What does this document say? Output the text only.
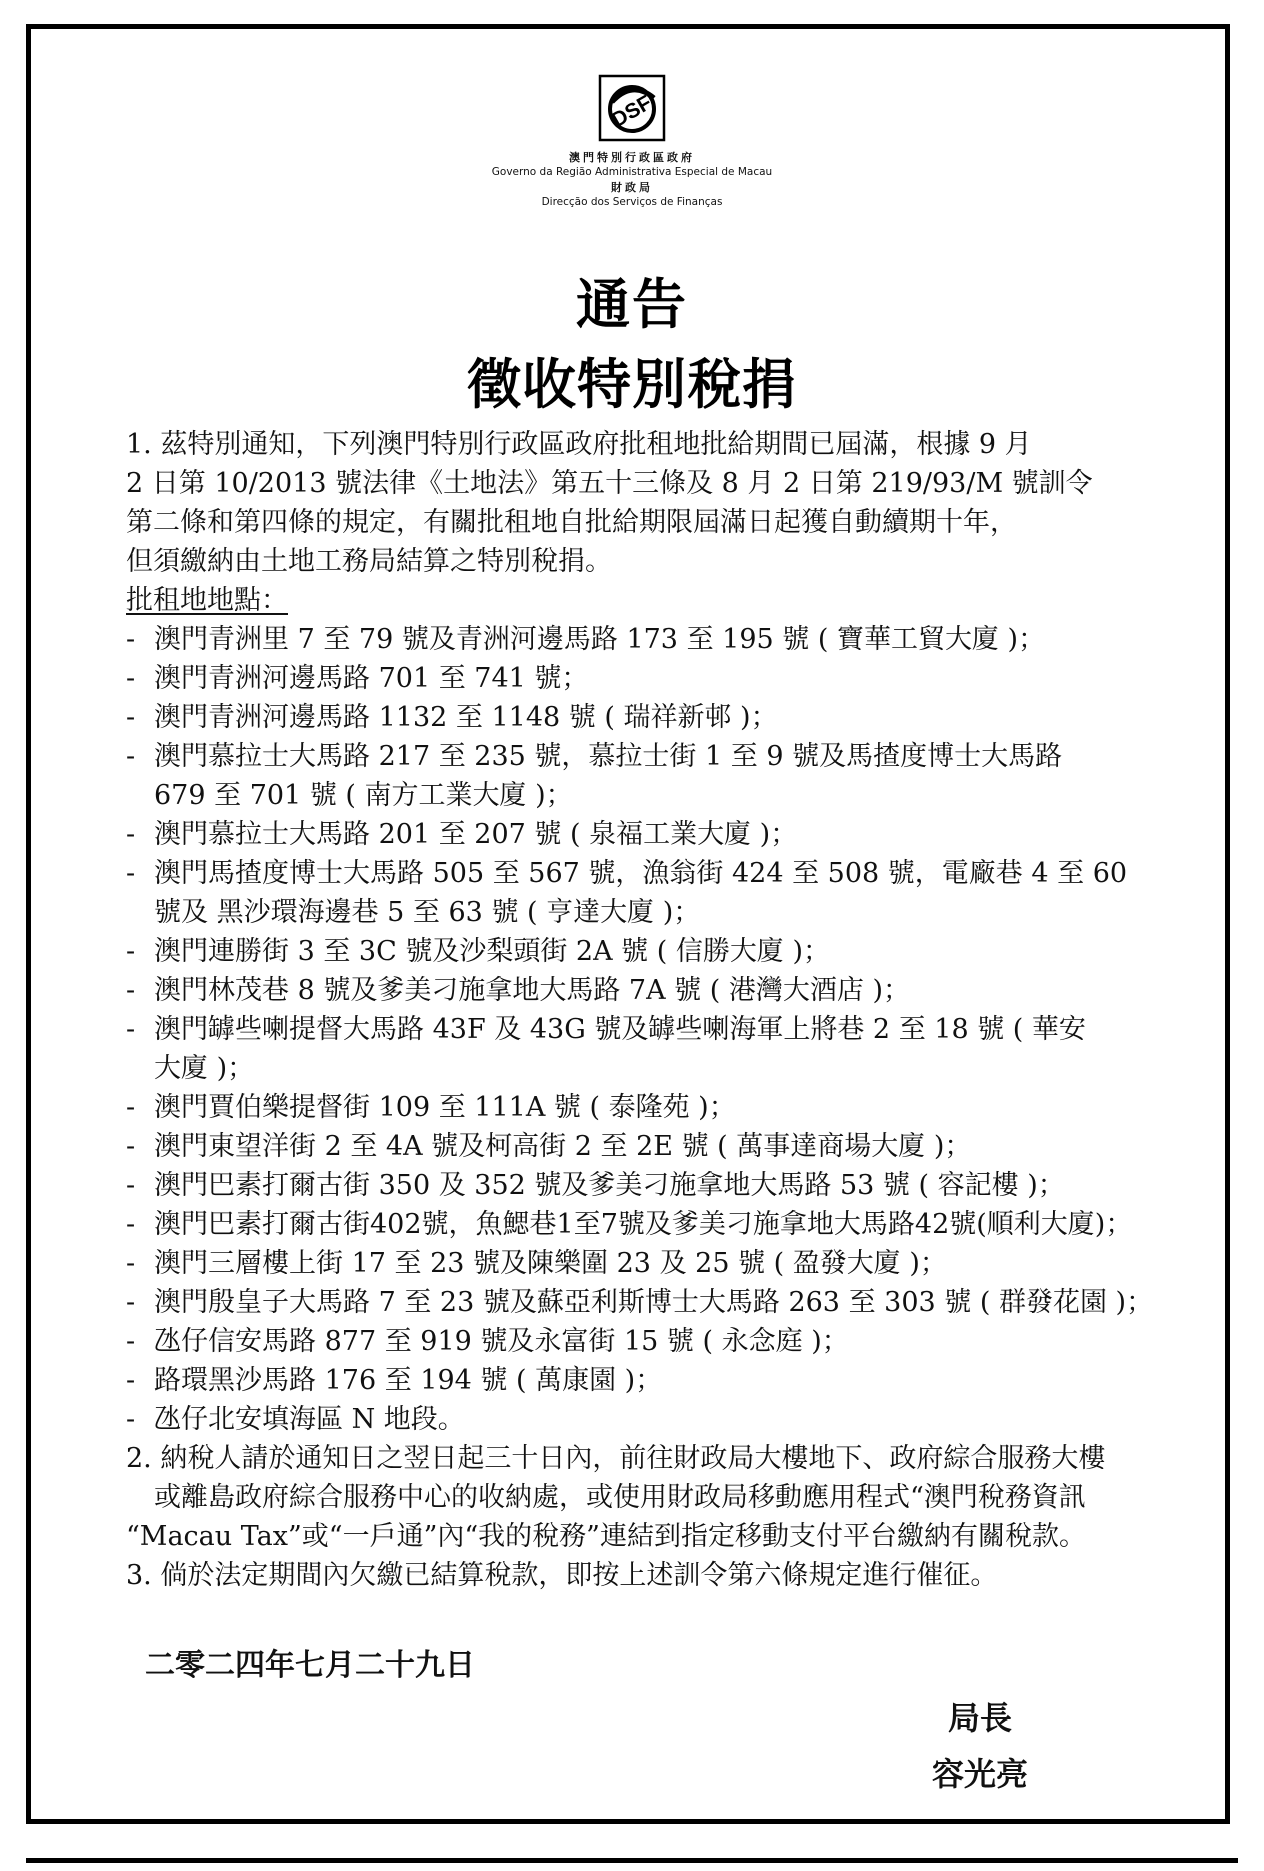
DSF
澳門特別行政區政府
Governo da Região Administrativa Especial de Macau
財政局
Direcção dos Serviços de Finanças
通告
徵收特別稅捐

1. 茲特別通知，下列澳門特別行政區政府批租地批給期間已屆滿，根據 9 月

2 日第 10/2013 號法律《土地法》第五十三條及 8 月 2 日第 219/93/M 號訓令

第二條和第四條的規定，有關批租地自批給期限屆滿日起獲自動續期十年，

但須繳納由土地工務局結算之特別稅捐。

批租地地點：

- 澳門青洲里 7 至 79 號及青洲河邊馬路 173 至 195 號 ( 寶華工貿大廈 )；
- 澳門青洲河邊馬路 701 至 741 號；
- 澳門青洲河邊馬路 1132 至 1148 號 ( 瑞祥新邨 )；
- 澳門慕拉士大馬路 217 至 235 號，慕拉士街 1 至 9 號及馬揸度博士大馬路
679 至 701 號 ( 南方工業大廈 )；
- 澳門慕拉士大馬路 201 至 207 號 ( 泉福工業大廈 )；
- 澳門馬揸度博士大馬路 505 至 567 號，漁翁街 424 至 508 號，電廠巷 4 至 60
號及 黑沙環海邊巷 5 至 63 號 ( 亨達大廈 )；
- 澳門連勝街 3 至 3C 號及沙梨頭街 2A 號 ( 信勝大廈 )；
- 澳門林茂巷 8 號及爹美刁施拿地大馬路 7A 號 ( 港灣大酒店 )；
- 澳門罅些喇提督大馬路 43F 及 43G 號及罅些喇海軍上將巷 2 至 18 號 ( 華安
大廈 )；
- 澳門賈伯樂提督街 109 至 111A 號 ( 泰隆苑 )；
- 澳門東望洋街 2 至 4A 號及柯高街 2 至 2E 號 ( 萬事達商場大廈 )；
- 澳門巴素打爾古街 350 及 352 號及爹美刁施拿地大馬路 53 號 ( 容記樓 )；
- 澳門巴素打爾古街402號，魚鰓巷1至7號及爹美刁施拿地大馬路42號(順利大廈)；
- 澳門三層樓上街 17 至 23 號及陳樂圍 23 及 25 號 ( 盈發大廈 )；
- 澳門殷皇子大馬路 7 至 23 號及蘇亞利斯博士大馬路 263 至 303 號 ( 群發花園 )；
- 氹仔信安馬路 877 至 919 號及永富街 15 號 ( 永念庭 )；
- 路環黑沙馬路 176 至 194 號 ( 萬康園 )；
- 氹仔北安填海區 N 地段。

2. 納稅人請於通知日之翌日起三十日內，前往財政局大樓地下、政府綜合服務大樓

或離島政府綜合服務中心的收納處，或使用財政局移動應用程式“澳門稅務資訊

“Macau Tax”或“一戶通”內“我的稅務”連結到指定移動支付平台繳納有關稅款。

3. 倘於法定期間內欠繳已結算稅款，即按上述訓令第六條規定進行催征。

二零二四年七月二十九日
局長
容光亮
